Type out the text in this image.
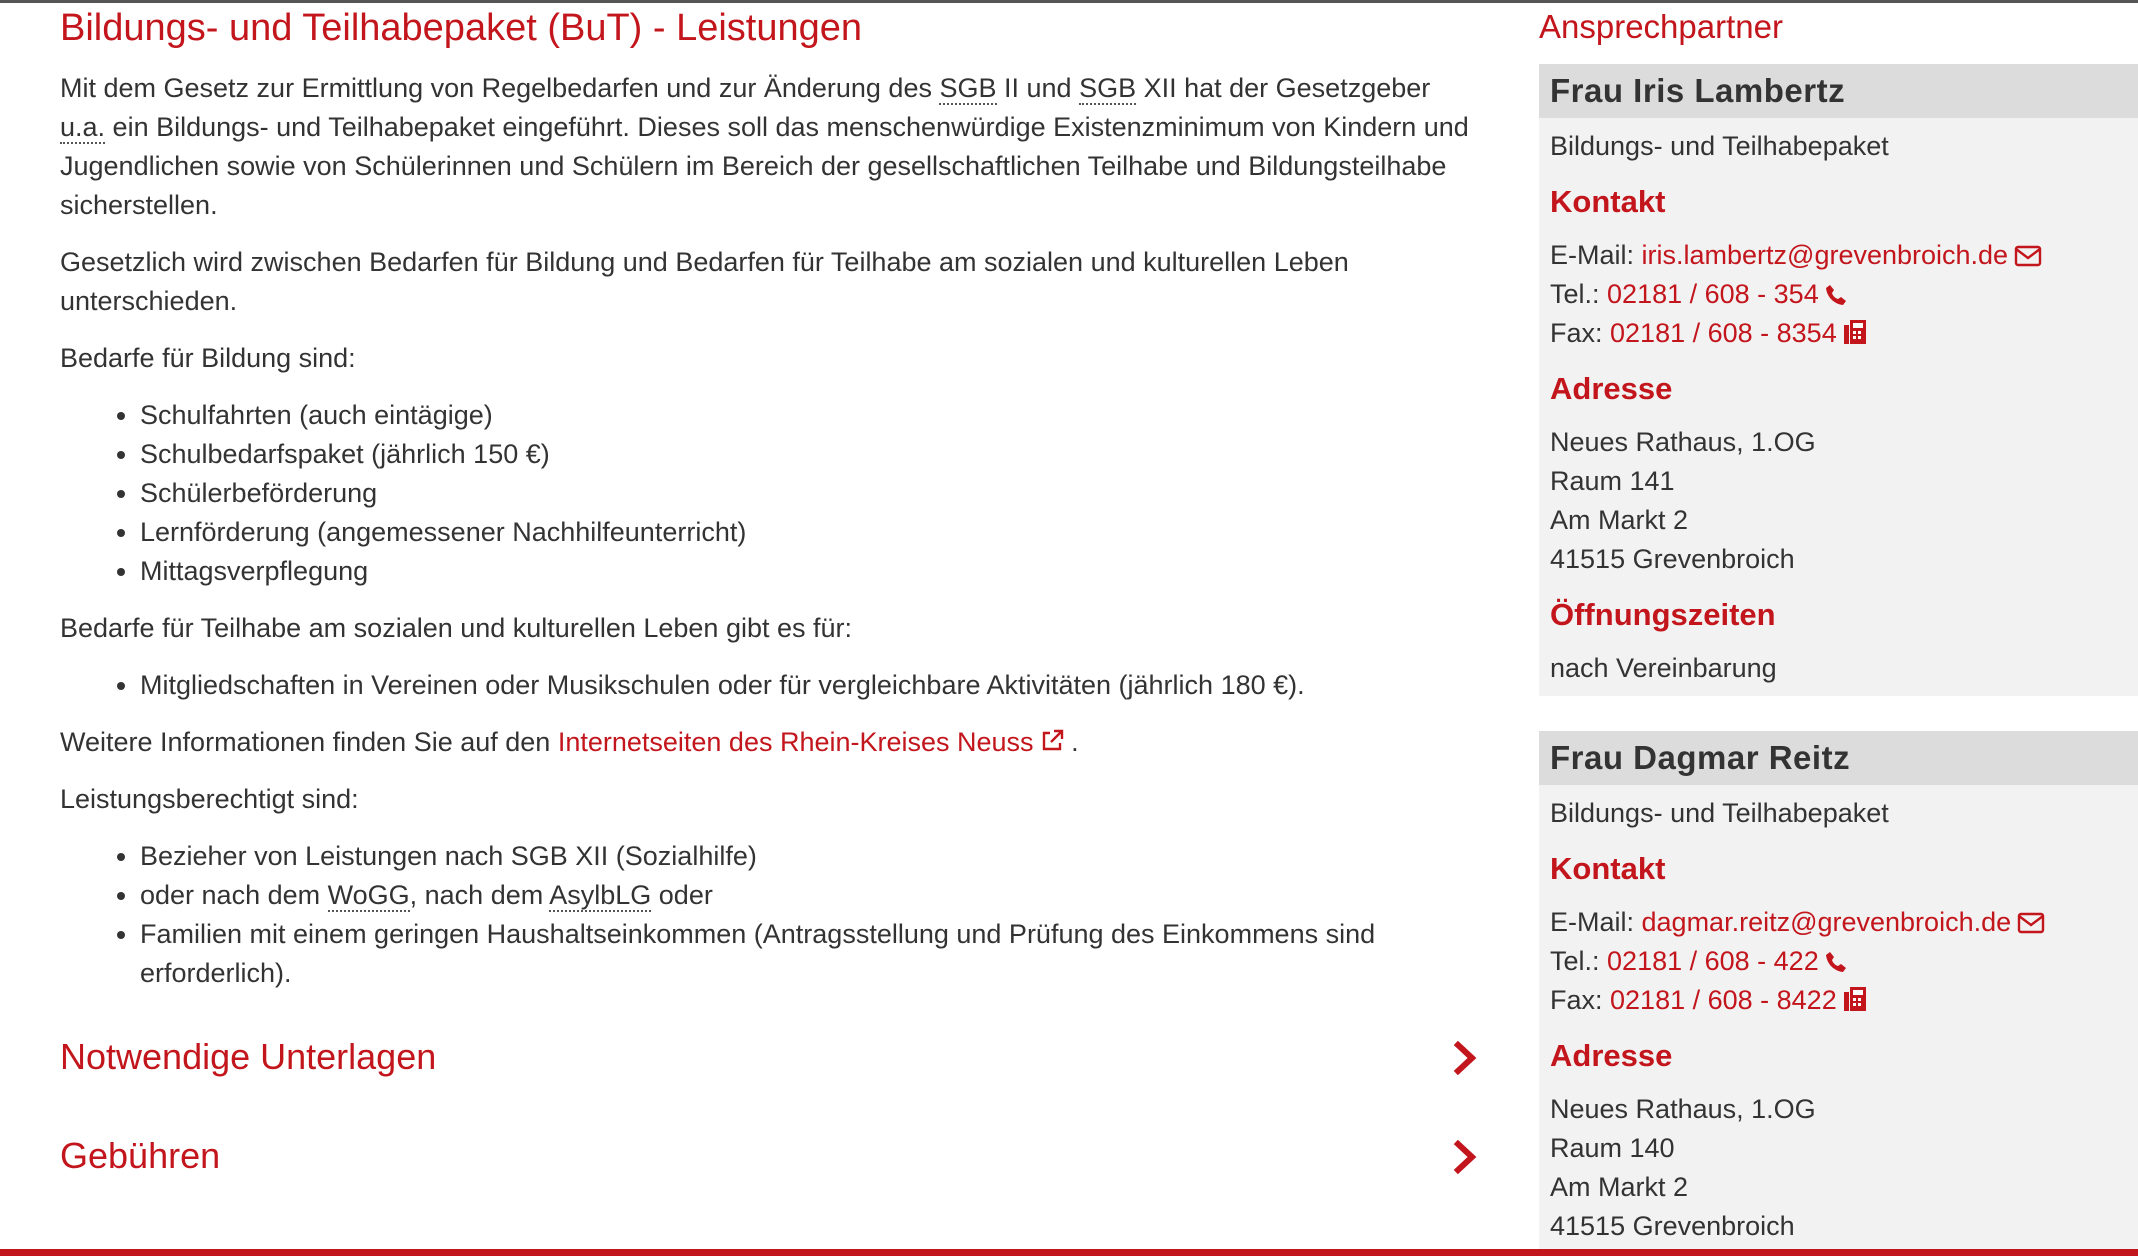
Bildungs- und Teilhabepaket (BuT) - Leistungen

Mit dem Gesetz zur Ermittlung von Regelbedarfen und zur Änderung des SGB II und SGB XII hat der Gesetzgeber u.a. ein Bildungs- und Teilhabepaket eingeführt. Dieses soll das menschenwürdige Existenzminimum von Kindern und Jugendlichen sowie von Schülerinnen und Schülern im Bereich der gesellschaftlichen Teilhabe und Bildungsteilhabe sicherstellen.

Gesetzlich wird zwischen Bedarfen für Bildung und Bedarfen für Teilhabe am sozialen und kulturellen Leben unterschieden.

Bedarfe für Bildung sind:

• Schulfahrten (auch eintägige)
• Schulbedarfspaket (jährlich 150 €)
• Schülerbeförderung
• Lernförderung (angemessener Nachhilfeunterricht)
• Mittagsverpflegung

Bedarfe für Teilhabe am sozialen und kulturellen Leben gibt es für:

• Mitgliedschaften in Vereinen oder Musikschulen oder für vergleichbare Aktivitäten (jährlich 180 €).

Weitere Informationen finden Sie auf den Internetseiten des Rhein-Kreises Neuss .

Leistungsberechtigt sind:

• Bezieher von Leistungen nach SGB XII (Sozialhilfe)
• oder nach dem WoGG, nach dem AsylbLG oder
• Familien mit einem geringen Haushaltseinkommen (Antragsstellung und Prüfung des Einkommens sind erforderlich).
Notwendige Unterlagen
Gebühren
Ansprechpartner
Frau Iris Lambertz

Bildungs- und Teilhabepaket

Kontakt

E-Mail: iris.lambertz@grevenbroich.de

Tel.: 02181 / 608 - 354

Fax: 02181 / 608 - 8354

Adresse

Neues Rathaus, 1.OG

Raum 141

Am Markt 2

41515 Grevenbroich

Öffnungszeiten

nach Vereinbarung

Frau Dagmar Reitz

Bildungs- und Teilhabepaket

Kontakt

E-Mail: dagmar.reitz@grevenbroich.de

Tel.: 02181 / 608 - 422

Fax: 02181 / 608 - 8422

Adresse

Neues Rathaus, 1.OG

Raum 140

Am Markt 2

41515 Grevenbroich
